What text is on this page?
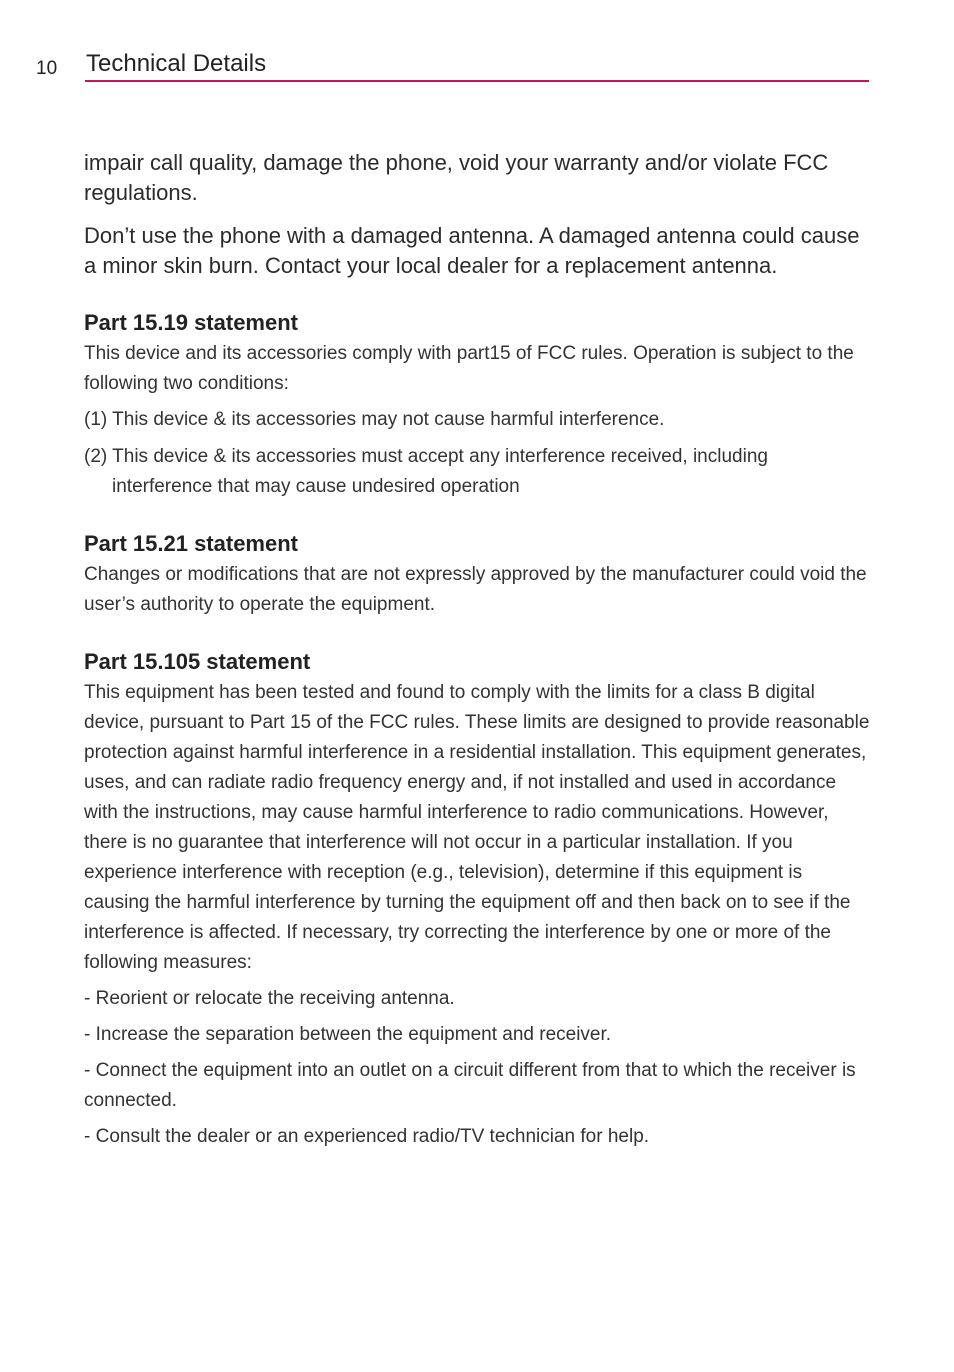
10 Technical Details

impair call quality, damage the phone, void your warranty and/or violate FCC regulations.

Don’t use the phone with a damaged antenna. A damaged antenna could cause a minor skin burn. Contact your local dealer for a replacement antenna.

Part 15.19 statement

This device and its accessories comply with part15 of FCC rules. Operation is subject to the following two conditions:

(1) This device & its accessories may not cause harmful interference.

(2) This device & its accessories must accept any interference received, including interference that may cause undesired operation

Part 15.21 statement

Changes or modifications that are not expressly approved by the manufacturer could void the user’s authority to operate the equipment.

Part 15.105 statement

This equipment has been tested and found to comply with the limits for a class B digital device, pursuant to Part 15 of the FCC rules. These limits are designed to provide reasonable protection against harmful interference in a residential installation. This equipment generates, uses, and can radiate radio frequency energy and, if not installed and used in accordance with the instructions, may cause harmful interference to radio communications. However, there is no guarantee that interference will not occur in a particular installation. If you experience interference with reception (e.g., television), determine if this equipment is causing the harmful interference by turning the equipment off and then back on to see if the interference is affected. If necessary, try correcting the interference by one or more of the following measures:

- Reorient or relocate the receiving antenna.

- Increase the separation between the equipment and receiver.

- Connect the equipment into an outlet on a circuit different from that to which the receiver is connected.

- Consult the dealer or an experienced radio/TV technician for help.
